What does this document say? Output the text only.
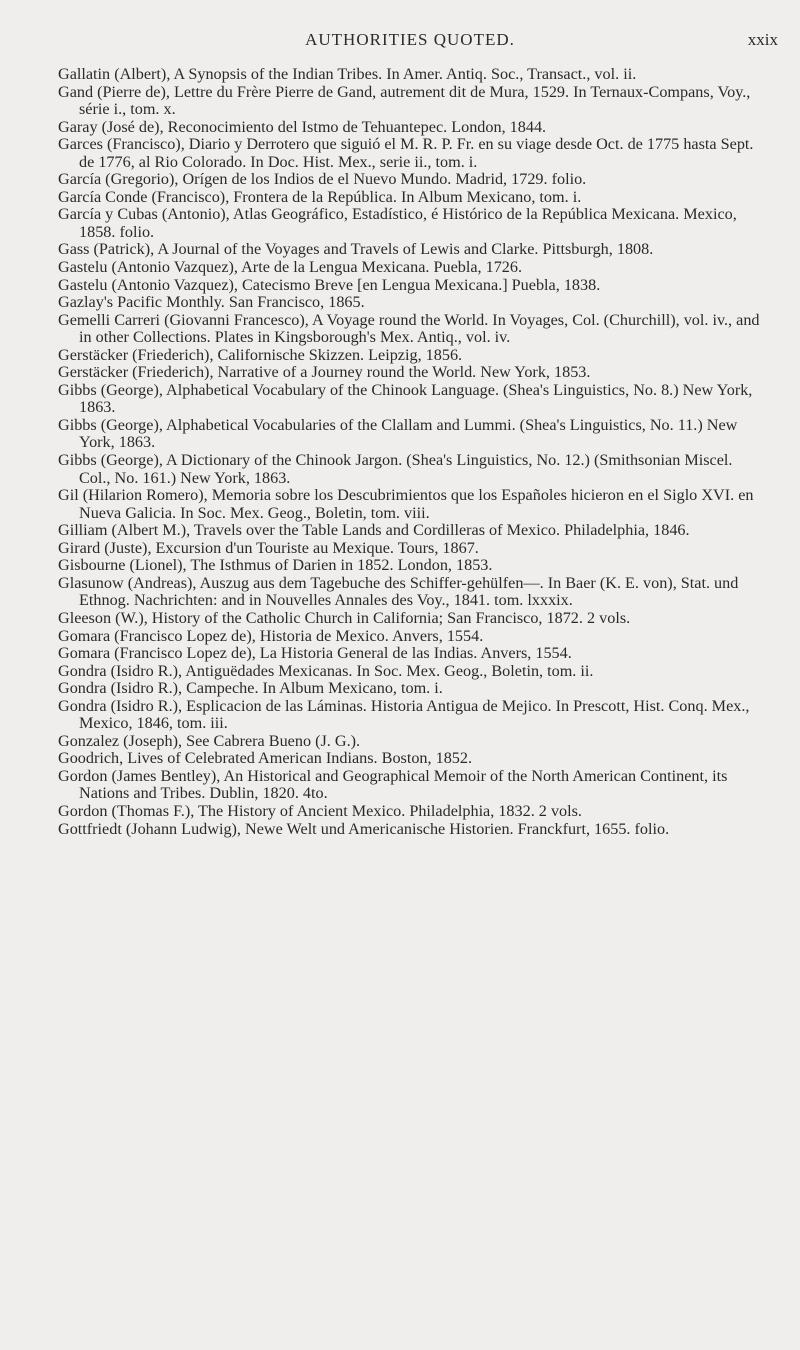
AUTHORITIES QUOTED.	xxix

Gallatin (Albert), A Synopsis of the Indian Tribes. In Amer. Antiq. Soc., Transact., vol. ii.

Gand (Pierre de), Lettre du Frère Pierre de Gand, autrement dit de Mura, 1529. In Ternaux-Compans, Voy., série i., tom. x.

Garay (José de), Reconocimiento del Istmo de Tehuantepec. London, 1844.

Garces (Francisco), Diario y Derrotero que siguió el M. R. P. Fr. en su viage desde Oct. de 1775 hasta Sept. de 1776, al Rio Colorado. In Doc. Hist. Mex., serie ii., tom. i.

García (Gregorio), Orígen de los Indios de el Nuevo Mundo. Madrid, 1729. folio.

García Conde (Francisco), Frontera de la República. In Album Mexicano, tom. i.

García y Cubas (Antonio), Atlas Geográfico, Estadístico, é Histórico de la República Mexicana. Mexico, 1858. folio.

Gass (Patrick), A Journal of the Voyages and Travels of Lewis and Clarke. Pittsburgh, 1808.

Gastelu (Antonio Vazquez), Arte de la Lengua Mexicana. Puebla, 1726.

Gastelu (Antonio Vazquez), Catecismo Breve [en Lengua Mexicana.] Puebla, 1838.

Gazlay's Pacific Monthly. San Francisco, 1865.

Gemelli Carreri (Giovanni Francesco), A Voyage round the World. In Voyages, Col. (Churchill), vol. iv., and in other Collections. Plates in Kingsborough's Mex. Antiq., vol. iv.

Gerstäcker (Friederich), Californische Skizzen. Leipzig, 1856.

Gerstäcker (Friederich), Narrative of a Journey round the World. New York, 1853.

Gibbs (George), Alphabetical Vocabulary of the Chinook Language. (Shea's Linguistics, No. 8.) New York, 1863.

Gibbs (George), Alphabetical Vocabularies of the Clallam and Lummi. (Shea's Linguistics, No. 11.) New York, 1863.

Gibbs (George), A Dictionary of the Chinook Jargon. (Shea's Linguistics, No. 12.) (Smithsonian Miscel. Col., No. 161.) New York, 1863.

Gil (Hilarion Romero), Memoria sobre los Descubrimientos que los Españoles hicieron en el Siglo XVI. en Nueva Galicia. In Soc. Mex. Geog., Boletin, tom. viii.

Gilliam (Albert M.), Travels over the Table Lands and Cordilleras of Mexico. Philadelphia, 1846.

Girard (Juste), Excursion d'un Touriste au Mexique. Tours, 1867.

Gisbourne (Lionel), The Isthmus of Darien in 1852. London, 1853.

Glasunow (Andreas), Auszug aus dem Tagebuche des Schiffer-gehülfen—. In Baer (K. E. von), Stat. und Ethnog. Nachrichten: and in Nouvelles Annales des Voy., 1841. tom. lxxxix.

Gleeson (W.), History of the Catholic Church in California; San Francisco, 1872. 2 vols.

Gomara (Francisco Lopez de), Historia de Mexico. Anvers, 1554.

Gomara (Francisco Lopez de), La Historia General de las Indias. Anvers, 1554.

Gondra (Isidro R.), Antiguëdades Mexicanas. In Soc. Mex. Geog., Boletin, tom. ii.

Gondra (Isidro R.), Campeche. In Album Mexicano, tom. i.

Gondra (Isidro R.), Esplicacion de las Láminas. Historia Antigua de Mejico. In Prescott, Hist. Conq. Mex., Mexico, 1846, tom. iii.

Gonzalez (Joseph), See Cabrera Bueno (J. G.).

Goodrich, Lives of Celebrated American Indians. Boston, 1852.

Gordon (James Bentley), An Historical and Geographical Memoir of the North American Continent, its Nations and Tribes. Dublin, 1820. 4to.

Gordon (Thomas F.), The History of Ancient Mexico. Philadelphia, 1832. 2 vols.

Gottfriedt (Johann Ludwig), Newe Welt und Americanische Historien. Franckfurt, 1655. folio.
